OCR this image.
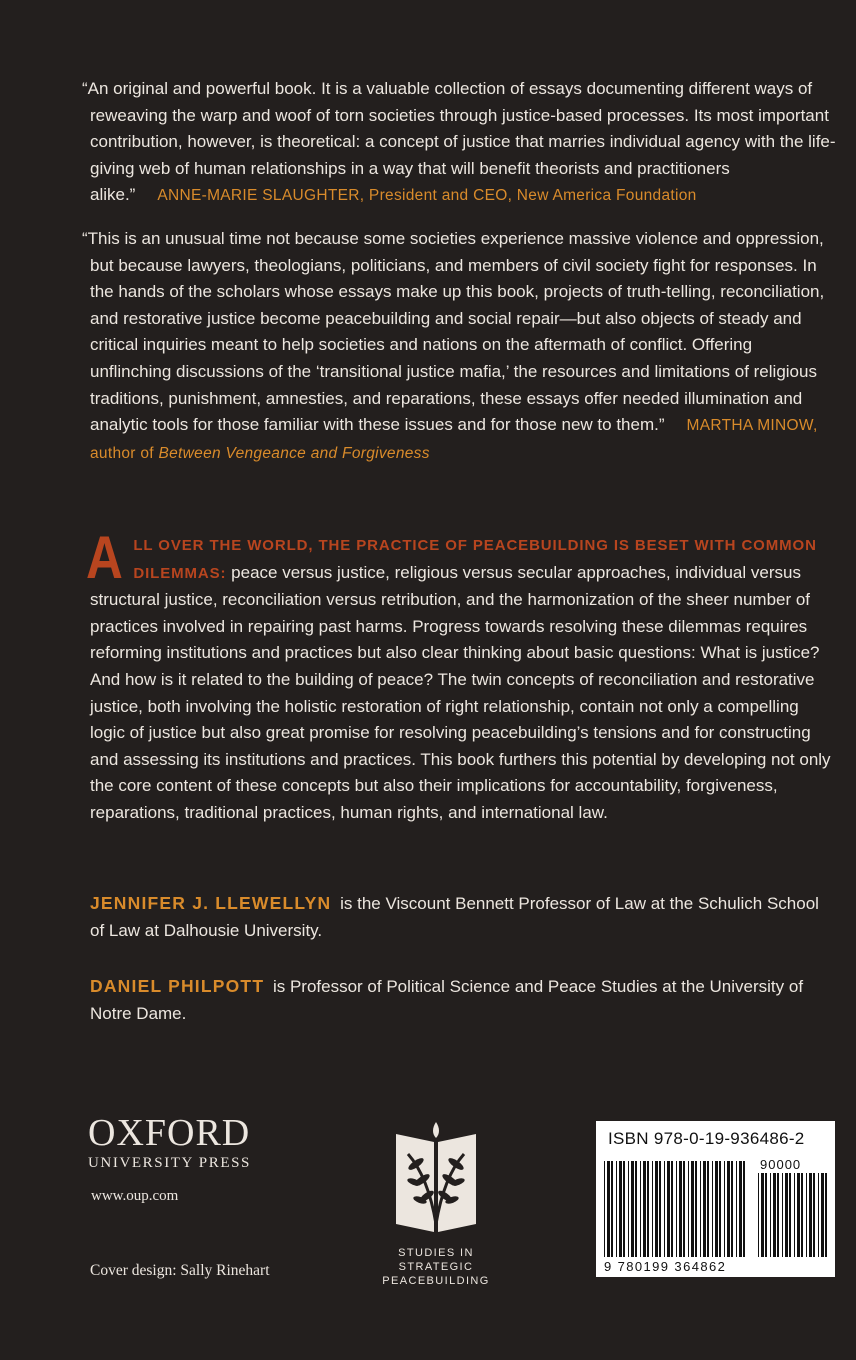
“An original and powerful book. It is a valuable collection of essays documenting different ways of reweaving the warp and woof of torn societies through justice-based processes. Its most important contribution, however, is theoretical: a concept of justice that marries individual agency with the life-giving web of human relationships in a way that will benefit theorists and practitioners alike.” ANNE-MARIE SLAUGHTER, President and CEO, New America Foundation

“This is an unusual time not because some societies experience massive violence and oppression, but because lawyers, theologians, politicians, and members of civil society fight for responses. In the hands of the scholars whose essays make up this book, projects of truth-telling, reconciliation, and restorative justice become peacebuilding and social repair—but also objects of steady and critical inquiries meant to help societies and nations on the aftermath of conflict. Offering unflinching discussions of the ‘transitional justice mafia,’ the resources and limitations of religious traditions, punishment, amnesties, and reparations, these essays offer needed illumination and analytic tools for those familiar with these issues and for those new to them.” MARTHA MINOW, author of Between Vengeance and Forgiveness

ALL OVER THE WORLD, THE PRACTICE OF PEACEBUILDING IS BESET WITH COMMON DILEMMAS: peace versus justice, religious versus secular approaches, individual versus structural justice, reconciliation versus retribution, and the harmonization of the sheer number of practices involved in repairing past harms. Progress towards resolving these dilemmas requires reforming institutions and practices but also clear thinking about basic questions: What is justice? And how is it related to the building of peace? The twin concepts of reconciliation and restorative justice, both involving the holistic restoration of right relationship, contain not only a compelling logic of justice but also great promise for resolving peacebuilding’s tensions and for constructing and assessing its institutions and practices. This book furthers this potential by developing not only the core content of these concepts but also their implications for accountability, forgiveness, reparations, traditional practices, human rights, and international law.

JENNIFER J. LLEWELLYN is the Viscount Bennett Professor of Law at the Schulich School of Law at Dalhousie University.

DANIEL PHILPOTT is Professor of Political Science and Peace Studies at the University of Notre Dame.

OXFORD
UNIVERSITY PRESS
www.oup.com
Cover design: Sally Rinehart
STUDIES IN
STRATEGIC
PEACEBUILDING
ISBN 978-0-19-936486-2
90000
9 780199 364862
